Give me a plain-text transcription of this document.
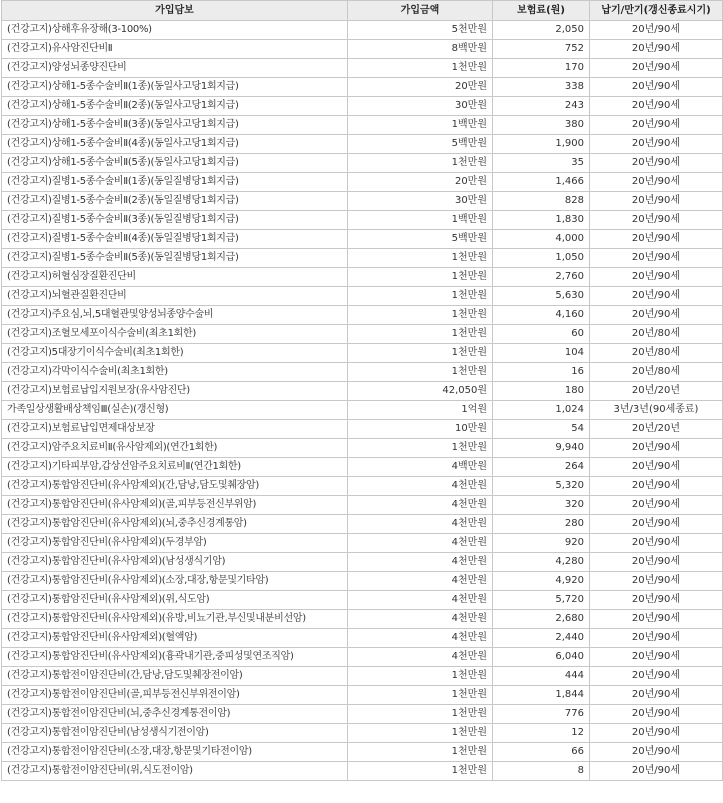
가입담보	가입금액	보험료(원)	납기/만기(갱신종료시기)
(건강고지)상해후유장해(3-100%)	5천만원	2,050	20년/90세
(건강고지)유사암진단비Ⅱ	8백만원	752	20년/90세
(건강고지)양성뇌종양진단비	1천만원	170	20년/90세
(건강고지)상해1-5종수술비Ⅱ(1종)(동일사고당1회지급)	20만원	338	20년/90세
(건강고지)상해1-5종수술비Ⅱ(2종)(동일사고당1회지급)	30만원	243	20년/90세
(건강고지)상해1-5종수술비Ⅱ(3종)(동일사고당1회지급)	1백만원	380	20년/90세
(건강고지)상해1-5종수술비Ⅱ(4종)(동일사고당1회지급)	5백만원	1,900	20년/90세
(건강고지)상해1-5종수술비Ⅱ(5종)(동일사고당1회지급)	1천만원	35	20년/90세
(건강고지)질병1-5종수술비Ⅱ(1종)(동일질병당1회지급)	20만원	1,466	20년/90세
(건강고지)질병1-5종수술비Ⅱ(2종)(동일질병당1회지급)	30만원	828	20년/90세
(건강고지)질병1-5종수술비Ⅱ(3종)(동일질병당1회지급)	1백만원	1,830	20년/90세
(건강고지)질병1-5종수술비Ⅱ(4종)(동일질병당1회지급)	5백만원	4,000	20년/90세
(건강고지)질병1-5종수술비Ⅱ(5종)(동일질병당1회지급)	1천만원	1,050	20년/90세
(건강고지)허혈심장질환진단비	1천만원	2,760	20년/90세
(건강고지)뇌혈관질환진단비	1천만원	5,630	20년/90세
(건강고지)주요심,뇌,5대혈관및양성뇌종양수술비	1천만원	4,160	20년/90세
(건강고지)조혈모세포이식수술비(최초1회한)	1천만원	60	20년/80세
(건강고지)5대장기이식수술비(최초1회한)	1천만원	104	20년/80세
(건강고지)각막이식수술비(최초1회한)	1천만원	16	20년/80세
(건강고지)보험료납입지원보장(유사암진단)	42,050원	180	20년/20년
가족일상생활배상책임Ⅲ(실손)(갱신형)	1억원	1,024	3년/3년(90세종료)
(건강고지)보험료납입면제대상보장	10만원	54	20년/20년
(건강고지)암주요치료비Ⅱ(유사암제외)(연간1회한)	1천만원	9,940	20년/90세
(건강고지)기타피부암,갑상선암주요치료비Ⅱ(연간1회한)	4백만원	264	20년/90세
(건강고지)통합암진단비(유사암제외)(간,담낭,담도및췌장암)	4천만원	5,320	20년/90세
(건강고지)통합암진단비(유사암제외)(골,피부등전신부위암)	4천만원	320	20년/90세
(건강고지)통합암진단비(유사암제외)(뇌,중추신경계통암)	4천만원	280	20년/90세
(건강고지)통합암진단비(유사암제외)(두경부암)	4천만원	920	20년/90세
(건강고지)통합암진단비(유사암제외)(남성생식기암)	4천만원	4,280	20년/90세
(건강고지)통합암진단비(유사암제외)(소장,대장,항문및기타암)	4천만원	4,920	20년/90세
(건강고지)통합암진단비(유사암제외)(위,식도암)	4천만원	5,720	20년/90세
(건강고지)통합암진단비(유사암제외)(유방,비뇨기관,부신및내분비선암)	4천만원	2,680	20년/90세
(건강고지)통합암진단비(유사암제외)(혈액암)	4천만원	2,440	20년/90세
(건강고지)통합암진단비(유사암제외)(흉곽내기관,중피성및연조직암)	4천만원	6,040	20년/90세
(건강고지)통합전이암진단비(간,담낭,담도및췌장전이암)	1천만원	444	20년/90세
(건강고지)통합전이암진단비(골,피부등전신부위전이암)	1천만원	1,844	20년/90세
(건강고지)통합전이암진단비(뇌,중추신경계통전이암)	1천만원	776	20년/90세
(건강고지)통합전이암진단비(남성생식기전이암)	1천만원	12	20년/90세
(건강고지)통합전이암진단비(소장,대장,항문및기타전이암)	1천만원	66	20년/90세
(건강고지)통합전이암진단비(위,식도전이암)	1천만원	8	20년/90세
